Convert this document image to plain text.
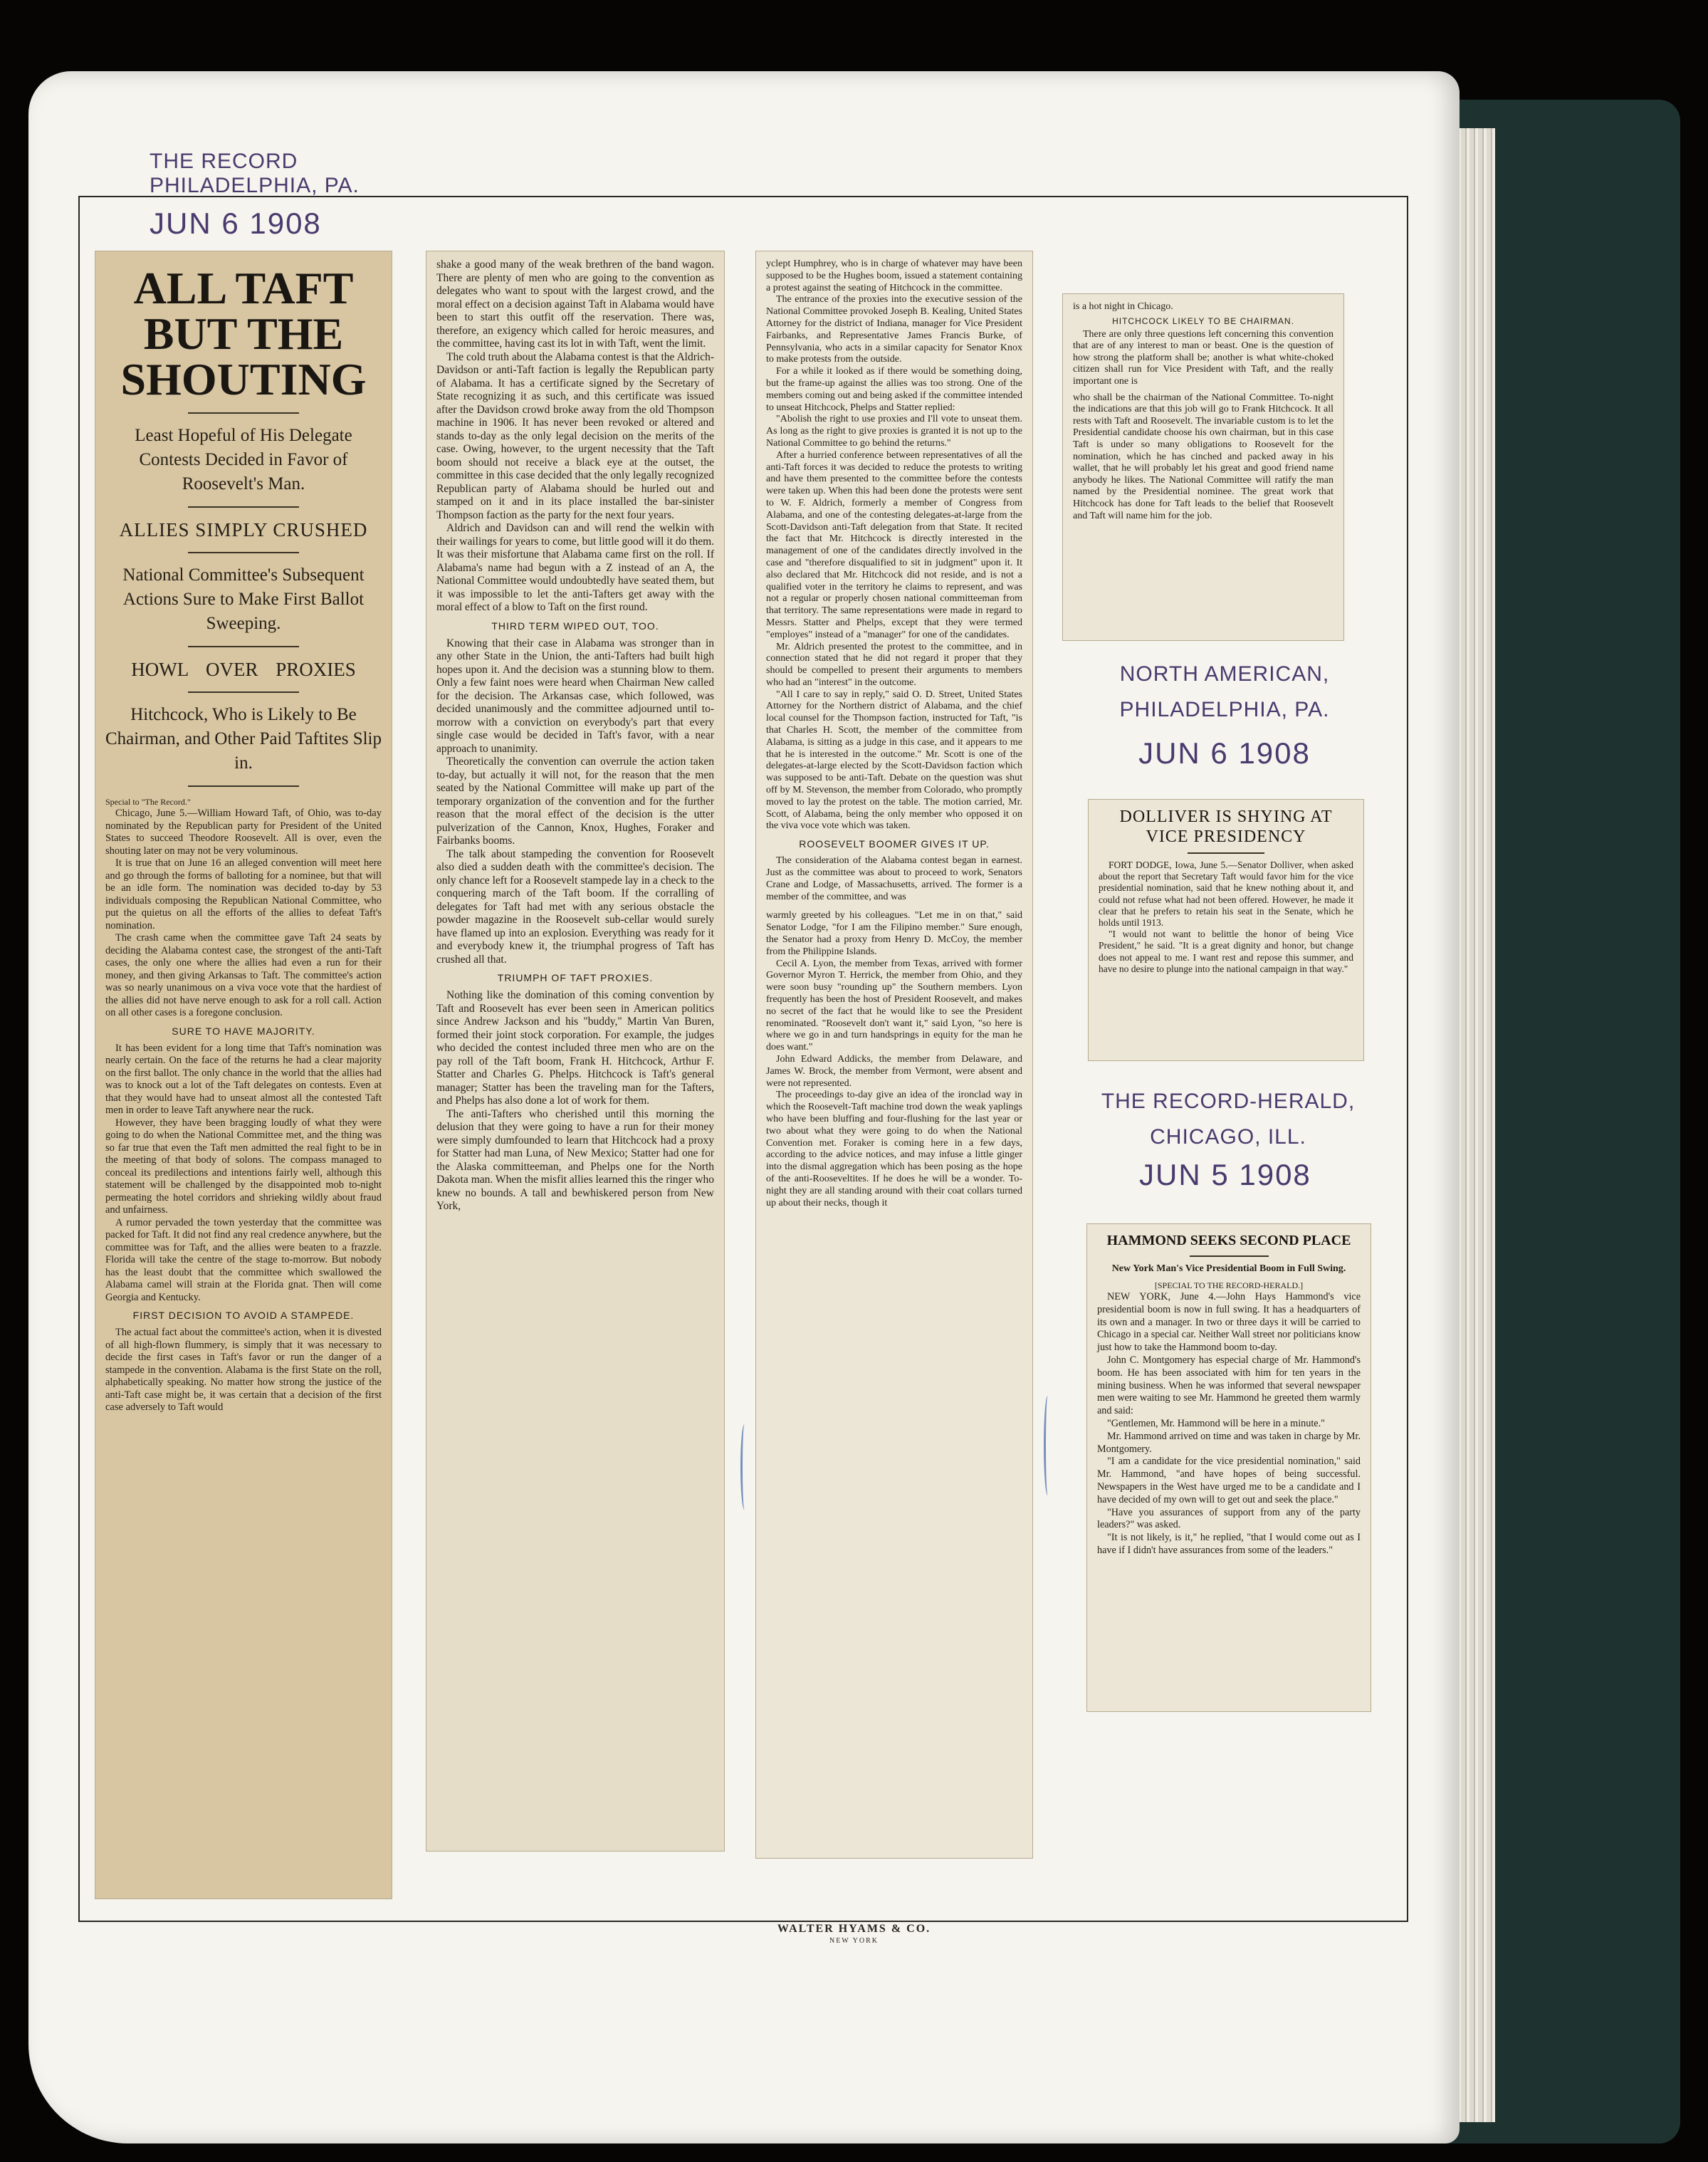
THE RECORD
PHILADELPHIA, PA.
JUN 6 1908
ALL TAFT BUT THE SHOUTING

Least Hopeful of His Delegate Contests Decided in Favor of Roosevelt's Man.

ALLIES SIMPLY CRUSHED

National Committee's Subsequent Actions Sure to Make First Ballot Sweeping.

HOWL OVER PROXIES

Hitchcock, Who is Likely to Be Chairman, and Other Paid Taftites Slip in.

Special to "The Record."

Chicago, June 5.—William Howard Taft, of Ohio, was to-day nominated by the Republican party for President of the United States to succeed Theodore Roosevelt. All is over, even the shouting later on may not be very voluminous.

It is true that on June 16 an alleged convention will meet here and go through the forms of balloting for a nominee, but that will be an idle form. The nomination was decided to-day by 53 individuals composing the Republican National Committee, who put the quietus on all the efforts of the allies to defeat Taft's nomination.

The crash came when the committee gave Taft 24 seats by deciding the Alabama contest case, the strongest of the anti-Taft cases, the only one where the allies had even a run for their money, and then giving Arkansas to Taft. The committee's action was so nearly unanimous on a viva voce vote that the hardiest of the allies did not have nerve enough to ask for a roll call. Action on all other cases is a foregone conclusion.

SURE TO HAVE MAJORITY.

It has been evident for a long time that Taft's nomination was nearly certain. On the face of the returns he had a clear majority on the first ballot. The only chance in the world that the allies had was to knock out a lot of the Taft delegates on contests. Even at that they would have had to unseat almost all the contested Taft men in order to leave Taft anywhere near the ruck.

However, they have been bragging loudly of what they were going to do when the National Committee met, and the thing was so far true that even the Taft men admitted the real fight to be in the meeting of that body of solons. The compass managed to conceal its predilections and intentions fairly well, although this statement will be challenged by the disappointed mob to-night permeating the hotel corridors and shrieking wildly about fraud and unfairness.

A rumor pervaded the town yesterday that the committee was packed for Taft. It did not find any real credence anywhere, but the committee was for Taft, and the allies were beaten to a frazzle. Florida will take the centre of the stage to-morrow. But nobody has the least doubt that the committee which swallowed the Alabama camel will strain at the Florida gnat. Then will come Georgia and Kentucky.

FIRST DECISION TO AVOID A STAMPEDE.

The actual fact about the committee's action, when it is divested of all high-flown flummery, is simply that it was necessary to decide the first cases in Taft's favor or run the danger of a stampede in the convention. Alabama is the first State on the roll, alphabetically speaking. No matter how strong the justice of the anti-Taft case might be, it was certain that a decision of the first case adversely to Taft would

shake a good many of the weak brethren of the band wagon. There are plenty of men who are going to the convention as delegates who want to spout with the largest crowd, and the moral effect on a decision against Taft in Alabama would have been to start this outfit off the reservation. There was, therefore, an exigency which called for heroic measures, and the committee, having cast its lot in with Taft, went the limit.

The cold truth about the Alabama contest is that the Aldrich-Davidson or anti-Taft faction is legally the Republican party of Alabama. It has a certificate signed by the Secretary of State recognizing it as such, and this certificate was issued after the Davidson crowd broke away from the old Thompson machine in 1906. It has never been revoked or altered and stands to-day as the only legal decision on the merits of the case. Owing, however, to the urgent necessity that the Taft boom should not receive a black eye at the outset, the committee in this case decided that the only legally recognized Republican party of Alabama should be hurled out and stamped on it and in its place installed the bar-sinister Thompson faction as the party for the next four years.

Aldrich and Davidson can and will rend the welkin with their wailings for years to come, but little good will it do them. It was their misfortune that Alabama came first on the roll. If Alabama's name had begun with a Z instead of an A, the National Committee would undoubtedly have seated them, but it was impossible to let the anti-Tafters get away with the moral effect of a blow to Taft on the first round.

THIRD TERM WIPED OUT, TOO.

Knowing that their case in Alabama was stronger than in any other State in the Union, the anti-Tafters had built high hopes upon it. And the decision was a stunning blow to them. Only a few faint noes were heard when Chairman New called for the decision. The Arkansas case, which followed, was decided unanimously and the committee adjourned until to-morrow with a conviction on everybody's part that every single case would be decided in Taft's favor, with a near approach to unanimity.

Theoretically the convention can overrule the action taken to-day, but actually it will not, for the reason that the men seated by the National Committee will make up part of the temporary organization of the convention and for the further reason that the moral effect of the decision is the utter pulverization of the Cannon, Knox, Hughes, Foraker and Fairbanks booms.

The talk about stampeding the convention for Roosevelt also died a sudden death with the committee's decision. The only chance left for a Roosevelt stampede lay in a check to the conquering march of the Taft boom. If the corralling of delegates for Taft had met with any serious obstacle the powder magazine in the Roosevelt sub-cellar would surely have flamed up into an explosion. Everything was ready for it and everybody knew it, the triumphal progress of Taft has crushed all that.

TRIUMPH OF TAFT PROXIES.

Nothing like the domination of this coming convention by Taft and Roosevelt has ever been seen in American politics since Andrew Jackson and his "buddy," Martin Van Buren, formed their joint stock corporation. For example, the judges who decided the contest included three men who are on the pay roll of the Taft boom, Frank H. Hitchcock, Arthur F. Statter and Charles G. Phelps. Hitchcock is Taft's general manager; Statter has been the traveling man for the Tafters, and Phelps has also done a lot of work for them.

The anti-Tafters who cherished until this morning the delusion that they were going to have a run for their money were simply dumfounded to learn that Hitchcock had a proxy for Statter had man Luna, of New Mexico; Statter had one for the Alaska committeeman, and Phelps one for the North Dakota man. When the misfit allies learned this the ringer who knew no bounds. A tall and bewhiskered person from New York,

yclept Humphrey, who is in charge of whatever may have been supposed to be the Hughes boom, issued a statement containing a protest against the seating of Hitchcock in the committee.

The entrance of the proxies into the executive session of the National Committee provoked Joseph B. Kealing, United States Attorney for the district of Indiana, manager for Vice President Fairbanks, and Representative James Francis Burke, of Pennsylvania, who acts in a similar capacity for Senator Knox to make protests from the outside.

For a while it looked as if there would be something doing, but the frame-up against the allies was too strong. One of the members coming out and being asked if the committee intended to unseat Hitchcock, Phelps and Statter replied:

"Abolish the right to use proxies and I'll vote to unseat them. As long as the right to give proxies is granted it is not up to the National Committee to go behind the returns."

After a hurried conference between representatives of all the anti-Taft forces it was decided to reduce the protests to writing and have them presented to the committee before the contests were taken up. When this had been done the protests were sent to W. F. Aldrich, formerly a member of Congress from Alabama, and one of the contesting delegates-at-large from the Scott-Davidson anti-Taft delegation from that State. It recited the fact that Mr. Hitchcock is directly interested in the management of one of the candidates directly involved in the case and "therefore disqualified to sit in judgment" upon it. It also declared that Mr. Hitchcock did not reside, and is not a qualified voter in the territory he claims to represent, and was not a regular or properly chosen national committeeman from that territory. The same representations were made in regard to Messrs. Statter and Phelps, except that they were termed "employes" instead of a "manager" for one of the candidates.

Mr. Aldrich presented the protest to the committee, and in connection stated that he did not regard it proper that they should be compelled to present their arguments to members who had an "interest" in the outcome.

"All I care to say in reply," said O. D. Street, United States Attorney for the Northern district of Alabama, and the chief local counsel for the Thompson faction, instructed for Taft, "is that Charles H. Scott, the member of the committee from Alabama, is sitting as a judge in this case, and it appears to me that he is interested in the outcome." Mr. Scott is one of the delegates-at-large elected by the Scott-Davidson faction which was supposed to be anti-Taft. Debate on the question was shut off by M. Stevenson, the member from Colorado, who promptly moved to lay the protest on the table. The motion carried, Mr. Scott, of Alabama, being the only member who opposed it on the viva voce vote which was taken.

ROOSEVELT BOOMER GIVES IT UP.

The consideration of the Alabama contest began in earnest. Just as the committee was about to proceed to work, Senators Crane and Lodge, of Massachusetts, arrived. The former is a member of the committee, and was

warmly greeted by his colleagues. "Let me in on that," said Senator Lodge, "for I am the Filipino member." Sure enough, the Senator had a proxy from Henry D. McCoy, the member from the Philippine Islands.

Cecil A. Lyon, the member from Texas, arrived with former Governor Myron T. Herrick, the member from Ohio, and they were soon busy "rounding up" the Southern members. Lyon frequently has been the host of President Roosevelt, and makes no secret of the fact that he would like to see the President renominated. "Roosevelt don't want it," said Lyon, "so here is where we go in and turn handsprings in equity for the man he does want."

John Edward Addicks, the member from Delaware, and James W. Brock, the member from Vermont, were absent and were not represented.

The proceedings to-day give an idea of the ironclad way in which the Roosevelt-Taft machine trod down the weak yaplings who have been bluffing and four-flushing for the last year or two about what they were going to do when the National Convention met. Foraker is coming here in a few days, according to the advice notices, and may infuse a little ginger into the dismal aggregation which has been posing as the hope of the anti-Rooseveltites. If he does he will be a wonder. To-night they are all standing around with their coat collars turned up about their necks, though it

is a hot night in Chicago.

HITCHCOCK LIKELY TO BE CHAIRMAN.

There are only three questions left concerning this convention that are of any interest to man or beast. One is the question of how strong the platform shall be; another is what white-choked citizen shall run for Vice President with Taft, and the really important one is

who shall be the chairman of the National Committee. To-night the indications are that this job will go to Frank Hitchcock. It all rests with Taft and Roosevelt. The invariable custom is to let the Presidential candidate choose his own chairman, but in this case Taft is under so many obligations to Roosevelt for the nomination, which he has cinched and packed away in his wallet, that he will probably let his great and good friend name anybody he likes. The National Committee will ratify the man named by the Presidential nominee. The great work that Hitchcock has done for Taft leads to the belief that Roosevelt and Taft will name him for the job.

NORTH AMERICAN,
PHILADELPHIA, PA.
JUN 6 1908

DOLLIVER IS SHYING AT VICE PRESIDENCY

FORT DODGE, Iowa, June 5.—Senator Dolliver, when asked about the report that Secretary Taft would favor him for the vice presidential nomination, said that he knew nothing about it, and could not refuse what had not been offered. However, he made it clear that he prefers to retain his seat in the Senate, which he holds until 1913.

"I would not want to belittle the honor of being Vice President," he said. "It is a great dignity and honor, but change does not appeal to me. I want rest and repose this summer, and have no desire to plunge into the national campaign in that way."

THE RECORD-HERALD,
CHICAGO, ILL.
JUN 5 1908

HAMMOND SEEKS SECOND PLACE

New York Man's Vice Presidential Boom in Full Swing.

[SPECIAL TO THE RECORD-HERALD.]

NEW YORK, June 4.—John Hays Hammond's vice presidential boom is now in full swing. It has a headquarters of its own and a manager. In two or three days it will be carried to Chicago in a special car. Neither Wall street nor politicians know just how to take the Hammond boom to-day.

John C. Montgomery has especial charge of Mr. Hammond's boom. He has been associated with him for ten years in the mining business. When he was informed that several newspaper men were waiting to see Mr. Hammond he greeted them warmly and said:

"Gentlemen, Mr. Hammond will be here in a minute."

Mr. Hammond arrived on time and was taken in charge by Mr. Montgomery.

"I am a candidate for the vice presidential nomination," said Mr. Hammond, "and have hopes of being successful. Newspapers in the West have urged me to be a candidate and I have decided of my own will to get out and seek the place."

"Have you assurances of support from any of the party leaders?" was asked.

"It is not likely, is it," he replied, "that I would come out as I have if I didn't have assurances from some of the leaders."

WALTER HYAMS & CO.
NEW YORK
